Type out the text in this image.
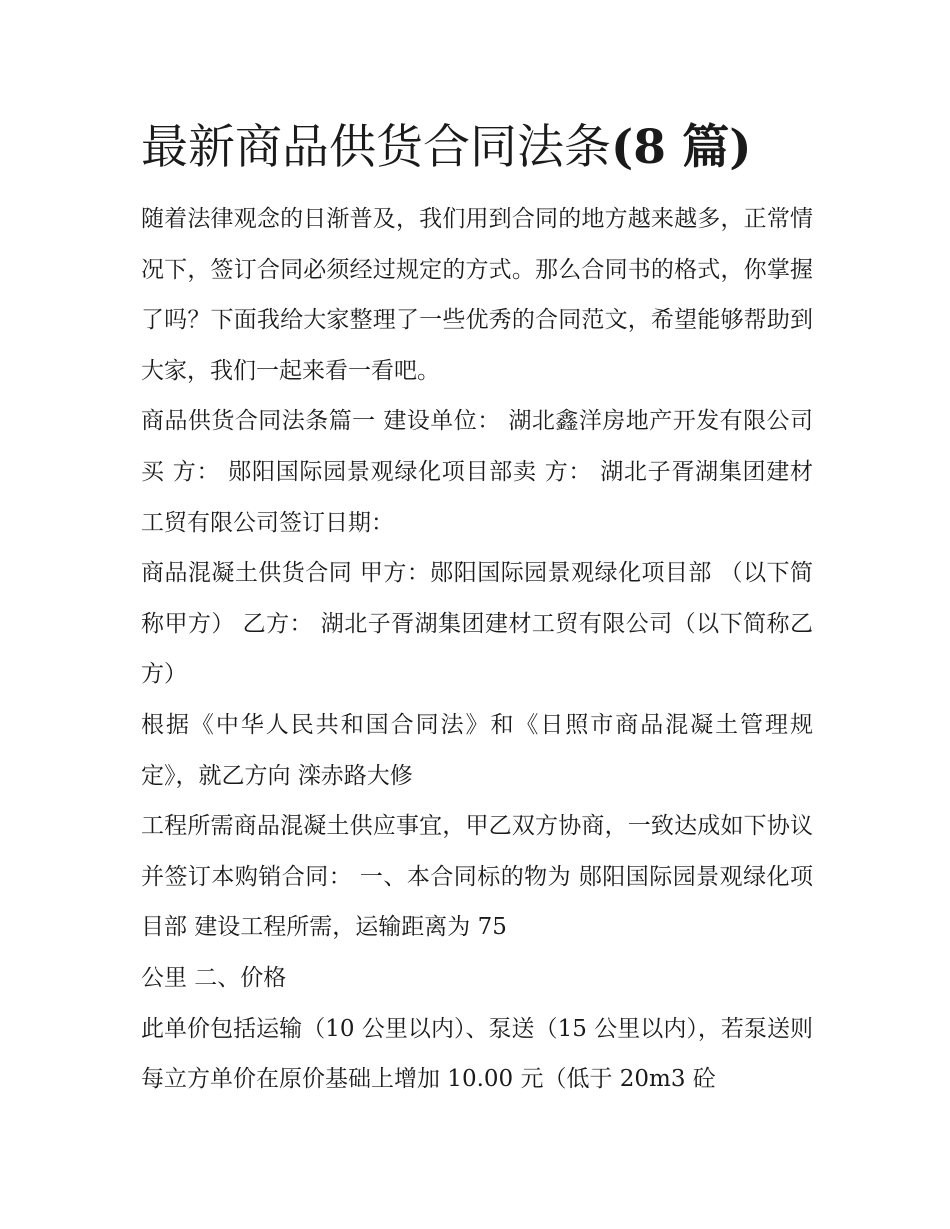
最新商品供货合同法条(8 篇)

随着法律观念的日渐普及，我们用到合同的地方越来越多，正常情况下，签订合同必须经过规定的方式。那么合同书的格式，你掌握了吗？下面我给大家整理了一些优秀的合同范文，希望能够帮助到大家，我们一起来看一看吧。

商品供货合同法条篇一 建设单位： 湖北鑫洋房地产开发有限公司 买 方： 郧阳国际园景观绿化项目部卖 方： 湖北子胥湖集团建材工贸有限公司签订日期：

商品混凝土供货合同 甲方：郧阳国际园景观绿化项目部 （以下简称甲方） 乙方： 湖北子胥湖集团建材工贸有限公司（以下简称乙方）

根据《中华人民共和国合同法》和《日照市商品混凝土管理规定》，就乙方向 滦赤路大修

工程所需商品混凝土供应事宜，甲乙双方协商，一致达成如下协议并签订本购销合同： 一、本合同标的物为 郧阳国际园景观绿化项目部 建设工程所需，运输距离为 75

公里 二、价格

此单价包括运输（10 公里以内）、泵送（15 公里以内），若泵送则每立方单价在原价基础上增加 10.00 元（低于 20m3 砼
